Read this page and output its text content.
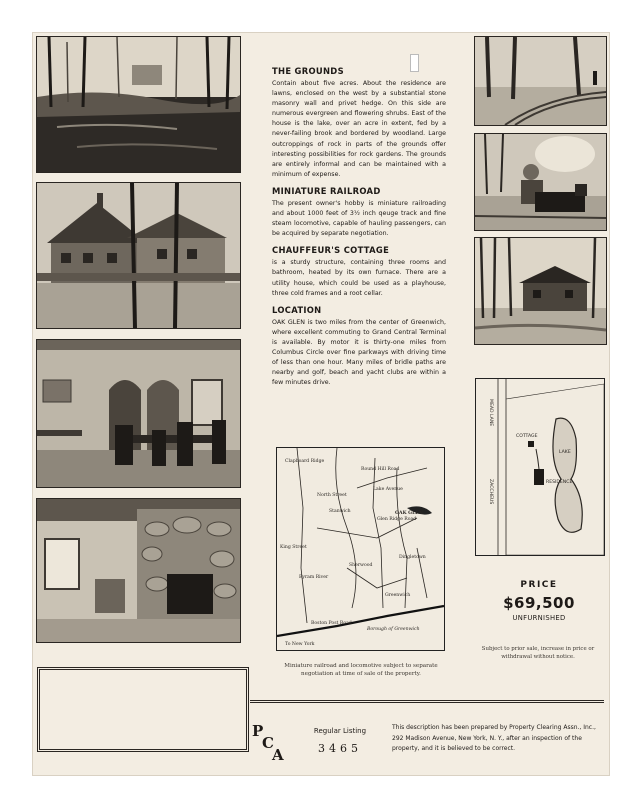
THE GROUNDS
Contain about five acres. About the residence are lawns, enclosed on the west by a substantial stone masonry wall and privet hedge. On this side are numerous evergreen and flowering shrubs. East of the house is the lake, over an acre in extent, fed by a never-failing brook and bordered by woodland. Large outcroppings of rock in parts of the grounds offer interesting possibilities for rock gardens. The grounds are entirely informal and can be maintained with a minimum of expense.
MINIATURE RAILROAD
The present owner's hobby is miniature railroading and about 1000 feet of 3½ inch qeuge track and fine steam locomotive, capable of hauling passengers, can be acquired by separate negotiation.
CHAUFFEUR'S COTTAGE
is a sturdy structure, containing three rooms and bathroom, heated by its own furnace. There are a utility house, which could be used as a playhouse, three cold frames and a root cellar.
LOCATION
OAK GLEN is two miles from the center of Greenwich, where excellent commuting to Grand Central Terminal is available. By motor it is thirty-one miles from Columbus Circle over fine parkways with driving time of less than one hour. Many miles of bridle paths are nearby and golf, beach and yacht clubs are within a few minutes drive.
Round Hill Road
Lake Avenue
North Street
Glen Ridge Road
OAK GLEN
King Street
Byram River
Sherwood
Stanwich
Greenwich
To New York
Borough of Greenwich
Boston Post Road
Clapboard Ridge
Dingletown
Miniature railroad and locomotive subject to separate negotiation at time of sale of the property.
MEAD LANE
ZACCHEUS
COTTAGE
RESIDENCE
LAKE
PRICE
$69,500
UNFURNISHED
Subject to prior sale, increase in price or withdrawal without notice.
P
C
A
Regular Listing
3465
This description has been prepared by Property Clearing Assn., Inc., 292 Madison Avenue, New York, N. Y., after an inspection of the property, and it is believed to be correct.
